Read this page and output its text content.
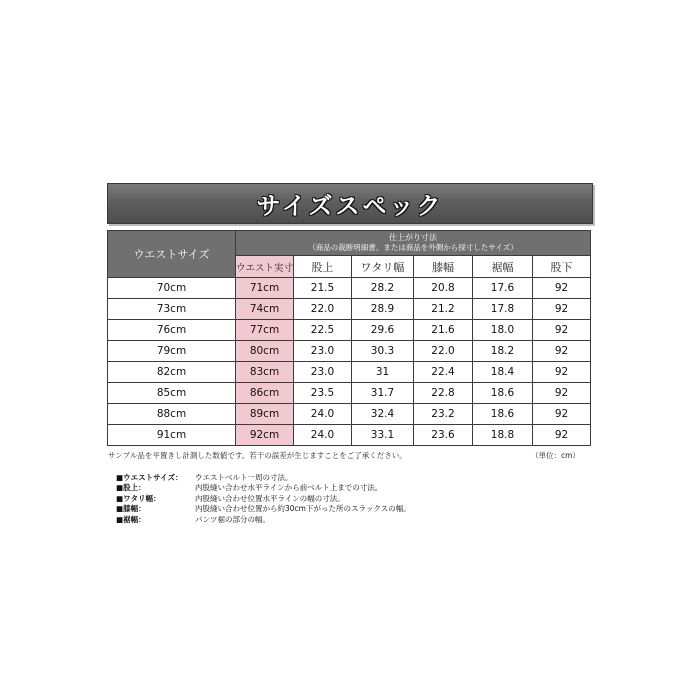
サイズスペック
ウエストサイズ	仕上がり寸法
（商品の裁断明細書、または商品を外側から採寸したサイズ）					
	ウエスト実寸	股上	ワタリ幅	膝幅	裾幅	股下
70cm	71cm	21.5	28.2	20.8	17.6	92
73cm	74cm	22.0	28.9	21.2	17.8	92
76cm	77cm	22.5	29.6	21.6	18.0	92
79cm	80cm	23.0	30.3	22.0	18.2	92
82cm	83cm	23.0	31	22.4	18.4	92
85cm	86cm	23.5	31.7	22.8	18.6	92
88cm	89cm	24.0	32.4	23.2	18.6	92
91cm	92cm	24.0	33.1	23.6	18.8	92
サンプル品を平置きし計測した数値です。若干の誤差が生じますことをご了承ください。	（単位：cm）
■ウエストサイズ：	ウエストベルト一周の寸法。
■股上：	内股縫い合わせ水平ラインから前ベルト上までの寸法。
■ワタリ幅：	内股縫い合わせ位置水平ラインの幅の寸法。
■膝幅：	内股縫い合わせ位置から約30cm下がった所のスラックスの幅。
■裾幅：	パンツ裾の部分の幅。
